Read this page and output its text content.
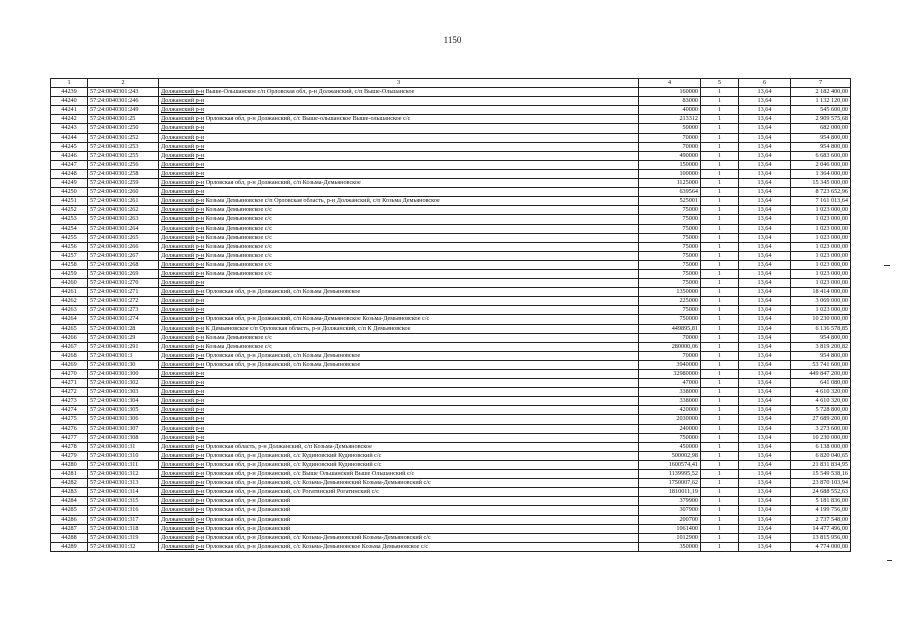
1150
1	2	3	4	5	6	7
44239	57:24:0040301:243	Должанский р-н Выше-Ольшанское с/п Орловская обл, р-н Должанский, с/п Выше-Ольшанское	160000	1	13,64	2 182 400,00
44240	57:24:0040301:246	Должанский р-н	83000	1	13,64	1 132 120,00
44241	57:24:0040301:249	Должанский р-н	40000	1	13,64	545 600,00
44242	57:24:0040301:25	Должанский р-н Орловская обл, р-н Должанский, с/с Выше-ольшанское Выше-ольшанское с/с	213312	1	13,64	2 909 575,68
44243	57:24:0040301:250	Должанский р-н	50000	1	13,64	682 000,00
44244	57:24:0040301:252	Должанский р-н	70000	1	13,64	954 800,00
44245	57:24:0040301:253	Должанский р-н	70000	1	13,64	954 800,00
44246	57:24:0040301:255	Должанский р-н	490000	1	13,64	6 683 600,00
44247	57:24:0040301:256	Должанский р-н	150000	1	13,64	2 046 000,00
44248	57:24:0040301:258	Должанский р-н	100000	1	13,64	1 364 000,00
44249	57:24:0040301:259	Должанский р-н Орловская обл, р-н Должанский, с/п Козьма-Демьяновское	1125000	1	13,64	15 345 000,00
44250	57:24:0040301:260	Должанский р-н	639564	1	13,64	8 723 652,96
44251	57:24:0040301:261	Должанский р-н Козьма Демьяновское с/п Орловская область, р-н Должанский, с/п Козьма Демьяновское	525001	1	13,64	7 161 013,64
44252	57:24:0040301:262	Должанский р-н Козьма Демьяновское с/с	75000	1	13,64	1 023 000,00
44253	57:24:0040301:263	Должанский р-н Козьма Демьяновское с/с	75000	1	13,64	1 023 000,00
44254	57:24:0040301:264	Должанский р-н Козьма Демьяновское с/с	75000	1	13,64	1 023 000,00
44255	57:24:0040301:265	Должанский р-н Козьма Демьяновское с/с	75000	1	13,64	1 023 000,00
44256	57:24:0040301:266	Должанский р-н Козьма Демьяновское с/с	75000	1	13,64	1 023 000,00
44257	57:24:0040301:267	Должанский р-н Козьма Демьяновское с/с	75000	1	13,64	1 023 000,00
44258	57:24:0040301:268	Должанский р-н Козьма Демьяновское с/с	75000	1	13,64	1 023 000,00
44259	57:24:0040301:269	Должанский р-н Козьма Демьяновское с/с	75000	1	13,64	1 023 000,00
44260	57:24:0040301:270	Должанский р-н	75000	1	13,64	1 023 000,00
44261	57:24:0040301:271	Должанский р-н Орловская обл, р-н Должанский, с/п Козьма Демьяновское	1350000	1	13,64	18 414 000,00
44262	57:24:0040301:272	Должанский р-н	225000	1	13,64	3 069 000,00
44263	57:24:0040301:273	Должанский р-н	75000	1	13,64	1 023 000,00
44264	57:24:0040301:274	Должанский р-н Орловская обл, р-н Должанский, с/п Козьма-Демьяновское Козьма-Демьяновское с/с	750000	1	13,64	10 230 000,00
44265	57:24:0040301:28	Должанский р-н К Демьяновское с/п Орловская область, р-н Должанский, с/п К Демьяновское	449895,81	1	13,64	6 136 578,85
44266	57:24:0040301:29	Должанский р-н Козьма Демьяновское с/с	70000	1	13,64	954 800,00
44267	57:24:0040301:291	Должанский р-н Козьма Демьяновское с/с	280000,06	1	13,64	3 819 200,82
44268	57:24:0040301:3	Должанский р-н Орловская обл, р-н Должанский, с/п Козьма Демьяновское	70000	1	13,64	954 800,00
44269	57:24:0040301:30	Должанский р-н Орловская обл, р-н Должанский, с/п Козьма Демьяновское	3940000	1	13,64	53 741 600,00
44270	57:24:0040301:300	Должанский р-н	32980000	1	13,64	449 847 200,00
44271	57:24:0040301:302	Должанский р-н	47000	1	13,64	641 080,00
44272	57:24:0040301:303	Должанский р-н	338000	1	13,64	4 610 320,00
44273	57:24:0040301:304	Должанский р-н	338000	1	13,64	4 610 320,00
44274	57:24:0040301:305	Должанский р-н	420000	1	13,64	5 728 800,00
44275	57:24:0040301:306	Должанский р-н	2030000	1	13,64	27 689 200,00
44276	57:24:0040301:307	Должанский р-н	240000	1	13,64	3 273 600,00
44277	57:24:0040301:308	Должанский р-н	750000	1	13,64	10 230 000,00
44278	57:24:0040301:31	Должанский р-н Орловская область, р-н Должанский, с/п Козьма-Демьяновское	450000	1	13,64	6 138 000,00
44279	57:24:0040301:310	Должанский р-н Орловская обл, р-н Должанский, с/с Кудиновский Кудиновский с/с	500002,98	1	13,64	6 820 040,65
44280	57:24:0040301:311	Должанский р-н Орловская обл, р-н Должанский, с/с Кудиновский Кудиновский с/с	1600574,41	1	13,64	21 831 834,95
44281	57:24:0040301:312	Должанский р-н Орловская обл, р-н Должанский, с/с Выше Ольшанский Выше Ольшанский с/с	1139995,52	1	13,64	15 549 538,16
44282	57:24:0040301:313	Должанский р-н Орловская обл, р-н Должанский, с/с Козьма-Демьяновский Козьма-Демьяновский с/с	1750007,62	1	13,64	23 870 103,94
44283	57:24:0040301:314	Должанский р-н Орловская обл, р-н Должанский, с/с Рогатинский Рогатинский с/с	1810011,19	1	13,64	24 688 552,63
44284	57:24:0040301:315	Должанский р-н Орловская обл, р-н Должанский	379900	1	13,64	5 181 836,00
44285	57:24:0040301:316	Должанский р-н Орловская обл, р-н Должанский	307900	1	13,64	4 199 756,00
44286	57:24:0040301:317	Должанский р-н Орловская обл, р-н Должанский	200700	1	13,64	2 737 548,00
44287	57:24:0040301:318	Должанский р-н Орловская обл, р-н Должанский	1061400	1	13,64	14 477 496,00
44288	57:24:0040301:319	Должанский р-н Орловская обл, р-н Должанский, с/с Козьма-Демьяновский Козьма-Демьяновский с/с	1012900	1	13,64	13 815 956,00
44289	57:24:0040301:32	Должанский р-н Орловская обл, р-н Должанский, с/с Козьма-Демьяновское Козьма Демьяновское с/с	350000	1	13,64	4 774 000,00
